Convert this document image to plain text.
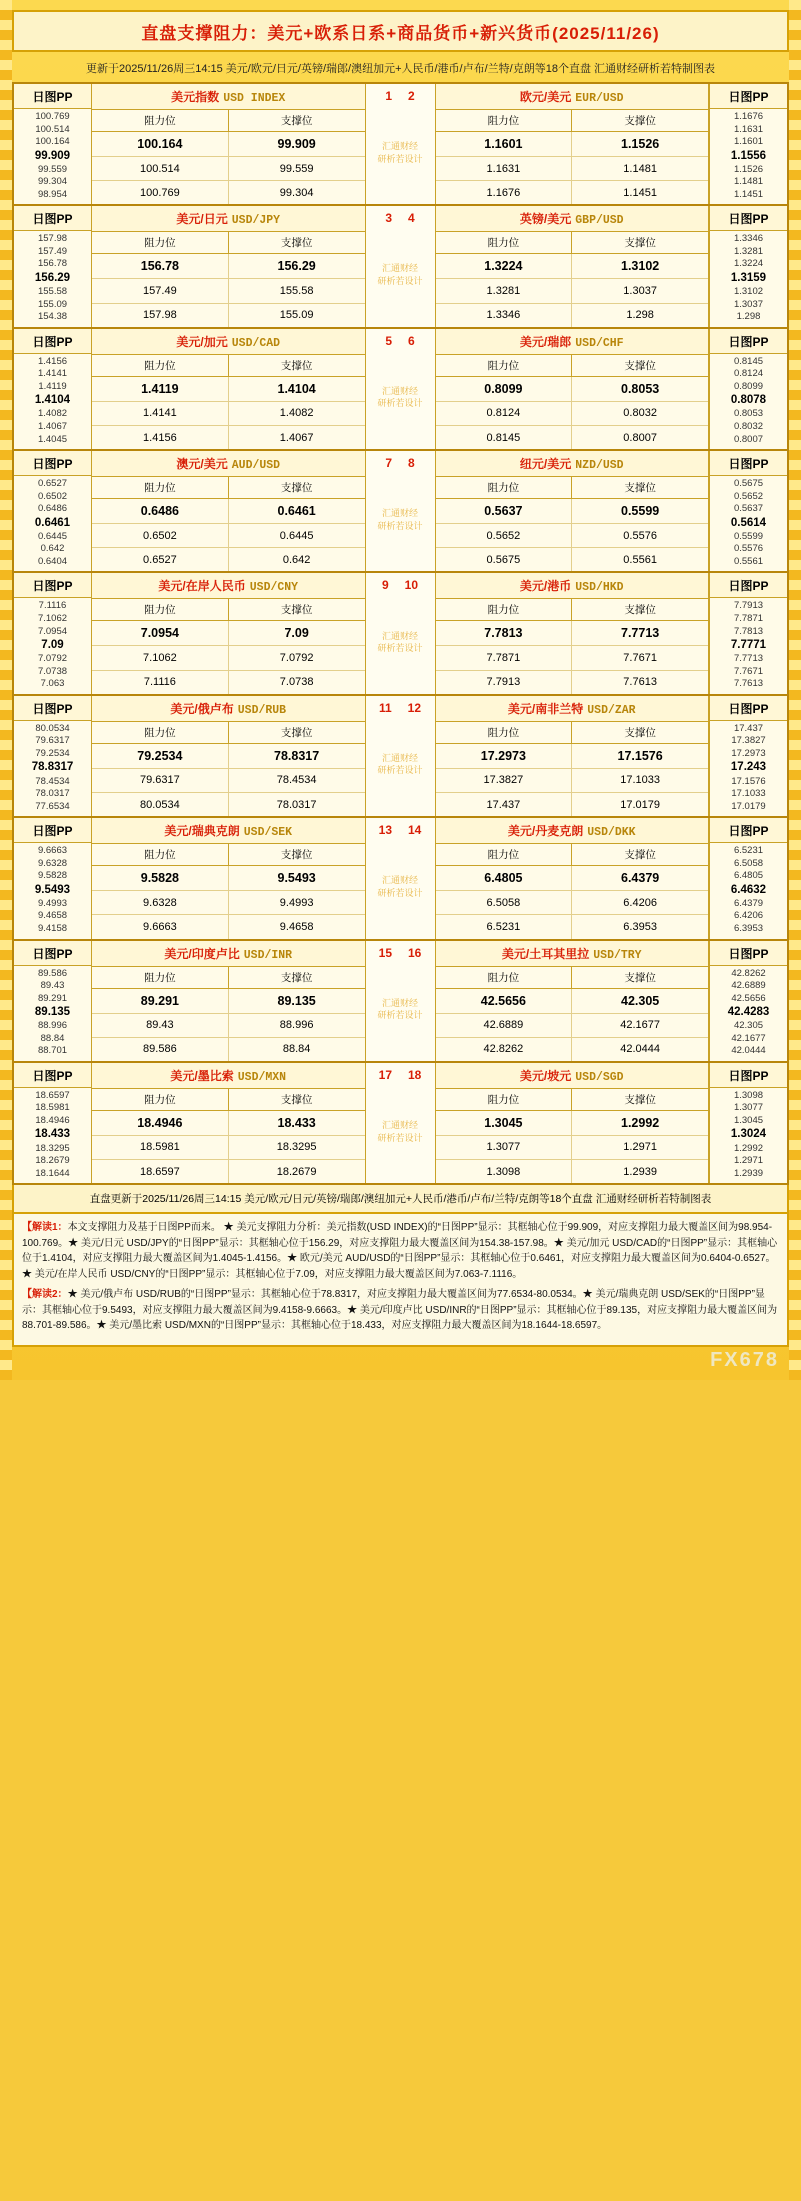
直盘支撑阻力：美元+欧系日系+商品货币+新兴货币(2025/11/26)
更新于2025/11/26周三14:15 美元/欧元/日元/英镑/瑞郎/澳纽加元+人民币/港币/卢布/兰特/克朗等18个直盘 汇通财经研析若特制图表
日图PP
100.769
100.514
100.164
99.909
99.559
99.304
98.954
美元指数 USD INDEX
阻力位	支撑位
100.164	99.909
100.514	99.559
100.769	99.304
1 2
汇通财经
研析若设计
欧元/美元 EUR/USD
阻力位	支撑位
1.1601	1.1526
1.1631	1.1481
1.1676	1.1451
日图PP
1.1676
1.1631
1.1601
1.1556
1.1526
1.1481
1.1451
日图PP
157.98
157.49
156.78
156.29
155.58
155.09
154.38
美元/日元 USD/JPY
阻力位	支撑位
156.78	156.29
157.49	155.58
157.98	155.09
3 4
汇通财经
研析若设计
英镑/美元 GBP/USD
阻力位	支撑位
1.3224	1.3102
1.3281	1.3037
1.3346	1.298
日图PP
1.3346
1.3281
1.3224
1.3159
1.3102
1.3037
1.298
日图PP
1.4156
1.4141
1.4119
1.4104
1.4082
1.4067
1.4045
美元/加元 USD/CAD
阻力位	支撑位
1.4119	1.4104
1.4141	1.4082
1.4156	1.4067
5 6
汇通财经
研析若设计
美元/瑞郎 USD/CHF
阻力位	支撑位
0.8099	0.8053
0.8124	0.8032
0.8145	0.8007
日图PP
0.8145
0.8124
0.8099
0.8078
0.8053
0.8032
0.8007
日图PP
0.6527
0.6502
0.6486
0.6461
0.6445
0.642
0.6404
澳元/美元 AUD/USD
阻力位	支撑位
0.6486	0.6461
0.6502	0.6445
0.6527	0.642
7 8
汇通财经
研析若设计
纽元/美元 NZD/USD
阻力位	支撑位
0.5637	0.5599
0.5652	0.5576
0.5675	0.5561
日图PP
0.5675
0.5652
0.5637
0.5614
0.5599
0.5576
0.5561
日图PP
7.1116
7.1062
7.0954
7.09
7.0792
7.0738
7.063
美元/在岸人民币 USD/CNY
阻力位	支撑位
7.0954	7.09
7.1062	7.0792
7.1116	7.0738
9 10
汇通财经
研析若设计
美元/港币 USD/HKD
阻力位	支撑位
7.7813	7.7713
7.7871	7.7671
7.7913	7.7613
日图PP
7.7913
7.7871
7.7813
7.7771
7.7713
7.7671
7.7613
日图PP
80.0534
79.6317
79.2534
78.8317
78.4534
78.0317
77.6534
美元/俄卢布 USD/RUB
阻力位	支撑位
79.2534	78.8317
79.6317	78.4534
80.0534	78.0317
11 12
汇通财经
研析若设计
美元/南非兰特 USD/ZAR
阻力位	支撑位
17.2973	17.1576
17.3827	17.1033
17.437	17.0179
日图PP
17.437
17.3827
17.2973
17.243
17.1576
17.1033
17.0179
日图PP
9.6663
9.6328
9.5828
9.5493
9.4993
9.4658
9.4158
美元/瑞典克朗 USD/SEK
阻力位	支撑位
9.5828	9.5493
9.6328	9.4993
9.6663	9.4658
13 14
汇通财经
研析若设计
美元/丹麦克朗 USD/DKK
阻力位	支撑位
6.4805	6.4379
6.5058	6.4206
6.5231	6.3953
日图PP
6.5231
6.5058
6.4805
6.4632
6.4379
6.4206
6.3953
日图PP
89.586
89.43
89.291
89.135
88.996
88.84
88.701
美元/印度卢比 USD/INR
阻力位	支撑位
89.291	89.135
89.43	88.996
89.586	88.84
15 16
汇通财经
研析若设计
美元/土耳其里拉 USD/TRY
阻力位	支撑位
42.5656	42.305
42.6889	42.1677
42.8262	42.0444
日图PP
42.8262
42.6889
42.5656
42.4283
42.305
42.1677
42.0444
日图PP
18.6597
18.5981
18.4946
18.433
18.3295
18.2679
18.1644
美元/墨比索 USD/MXN
阻力位	支撑位
18.4946	18.433
18.5981	18.3295
18.6597	18.2679
17 18
汇通财经
研析若设计
美元/坡元 USD/SGD
阻力位	支撑位
1.3045	1.2992
1.3077	1.2971
1.3098	1.2939
日图PP
1.3098
1.3077
1.3045
1.3024
1.2992
1.2971
1.2939
直盘更新于2025/11/26周三14:15 美元/欧元/日元/英镑/瑞郎/澳纽加元+人民币/港币/卢布/兰特/克朗等18个直盘 汇通财经研析若特制图表

【解读1：本文支撑阻力及基于日图PP而来。 ★ 美元支撑阻力分析：美元指数(USD INDEX)的“日图PP”显示：其框轴心位于99.909，对应支撑阻力最大覆盖区间为98.954-100.769。★ 美元/日元 USD/JPY的“日图PP”显示：其框轴心位于156.29，对应支撑阻力最大覆盖区间为154.38-157.98。★ 美元/加元 USD/CAD的“日图PP”显示：其框轴心位于1.4104，对应支撑阻力最大覆盖区间为1.4045-1.4156。★ 欧元/美元 AUD/USD的“日图PP”显示：其框轴心位于0.6461，对应支撑阻力最大覆盖区间为0.6404-0.6527。★ 美元/在岸人民币 USD/CNY的“日图PP”显示：其框轴心位于7.09，对应支撑阻力最大覆盖区间为7.063-7.1116。

【解读2：★ 美元/俄卢布 USD/RUB的“日图PP”显示：其框轴心位于78.8317，对应支撑阻力最大覆盖区间为77.6534-80.0534。★ 美元/瑞典克朗 USD/SEK的“日图PP”显示：其框轴心位于9.5493，对应支撑阻力最大覆盖区间为9.4158-9.6663。★ 美元/印度卢比 USD/INR的“日图PP”显示：其框轴心位于89.135，对应支撑阻力最大覆盖区间为88.701-89.586。★ 美元/墨比索 USD/MXN的“日图PP”显示：其框轴心位于18.433，对应支撑阻力最大覆盖区间为18.1644-18.6597。

FX678
